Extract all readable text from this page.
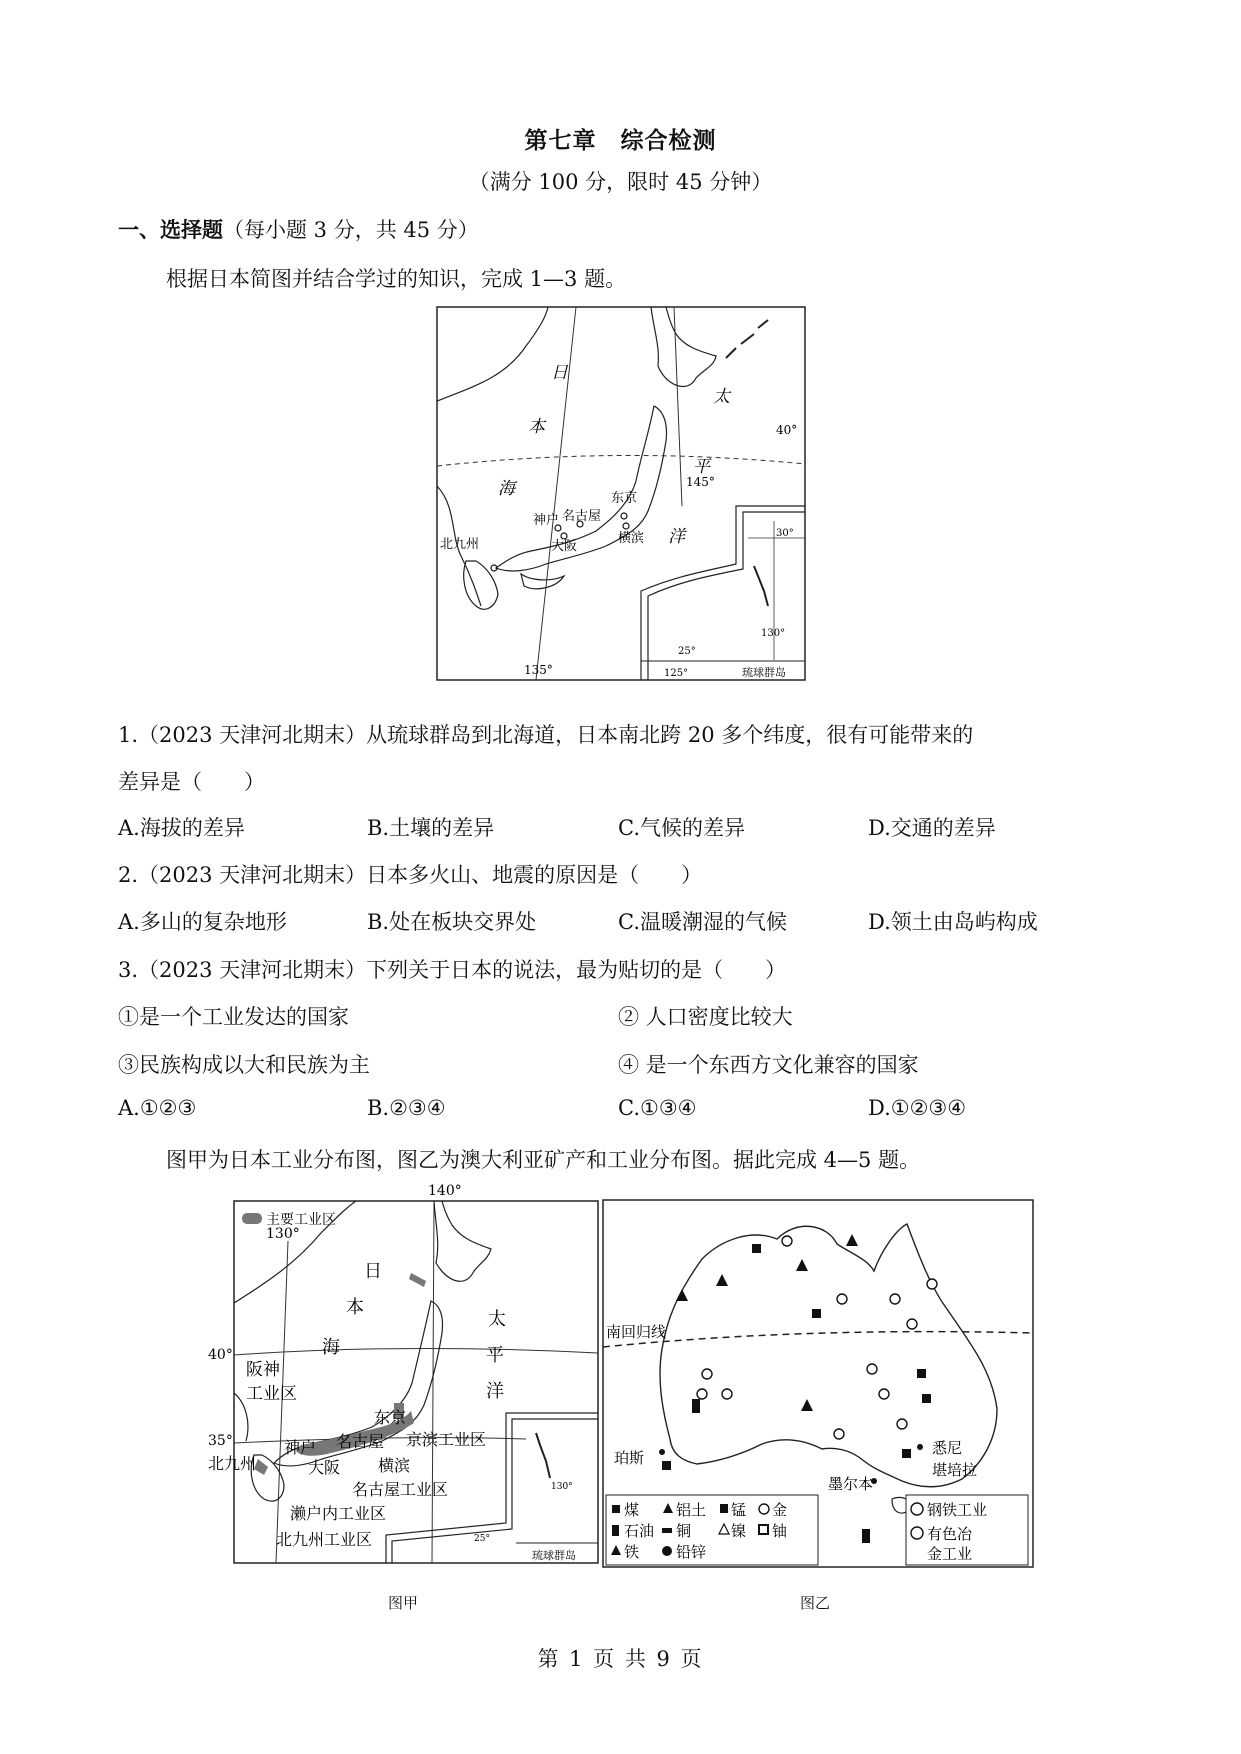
第七章　综合检测
（满分 100 分，限时 45 分钟）
一、选择题（每小题 3 分，共 45 分）
根据日本简图并结合学过的知识，完成 1—3 题。
日
本
海
太
平
洋
40°
145°
135°
东京
名古屋
神户
北九州	大阪
横滨	30°
25°
130°
125°	琉球群岛
1.（2023 天津河北期末）从琉球群岛到北海道，日本南北跨 20 多个纬度，很有可能带来的
差异是（　　）
A.海拔的差异	B.土壤的差异	C.气候的差异	D.交通的差异
2.（2023 天津河北期末）日本多火山、地震的原因是（　　）
A.多山的复杂地形	B.处在板块交界处	C.温暖潮湿的气候	D.领土由岛屿构成
3.（2023 天津河北期末）下列关于日本的说法，最为贴切的是（　　）
①是一个工业发达的国家	② 人口密度比较大
③民族构成以大和民族为主	④ 是一个东西方文化兼容的国家
A.①②③	B.②③④	C.①③④	D.①②③④
图甲为日本工业分布图，图乙为澳大利亚矿产和工业分布图。据此完成 4—5 题。
140°
130°
40°
35°
主要工业区
日
本
海
太
平
洋
阪神
工业区
东京
京滨工业区
名古屋
神户
横滨
北九州	大阪
名古屋工业区
濑户内工业区
北九州工业区
130°
25°
琉球群岛
图甲
南回归线
珀斯
悉尼
堪培拉
墨尔本
煤 铝土 锰 金
石油 铜	镍 铀
铁 铅锌
钢铁工业
有色冶
金工业
图乙
第 1 页 共 9 页
